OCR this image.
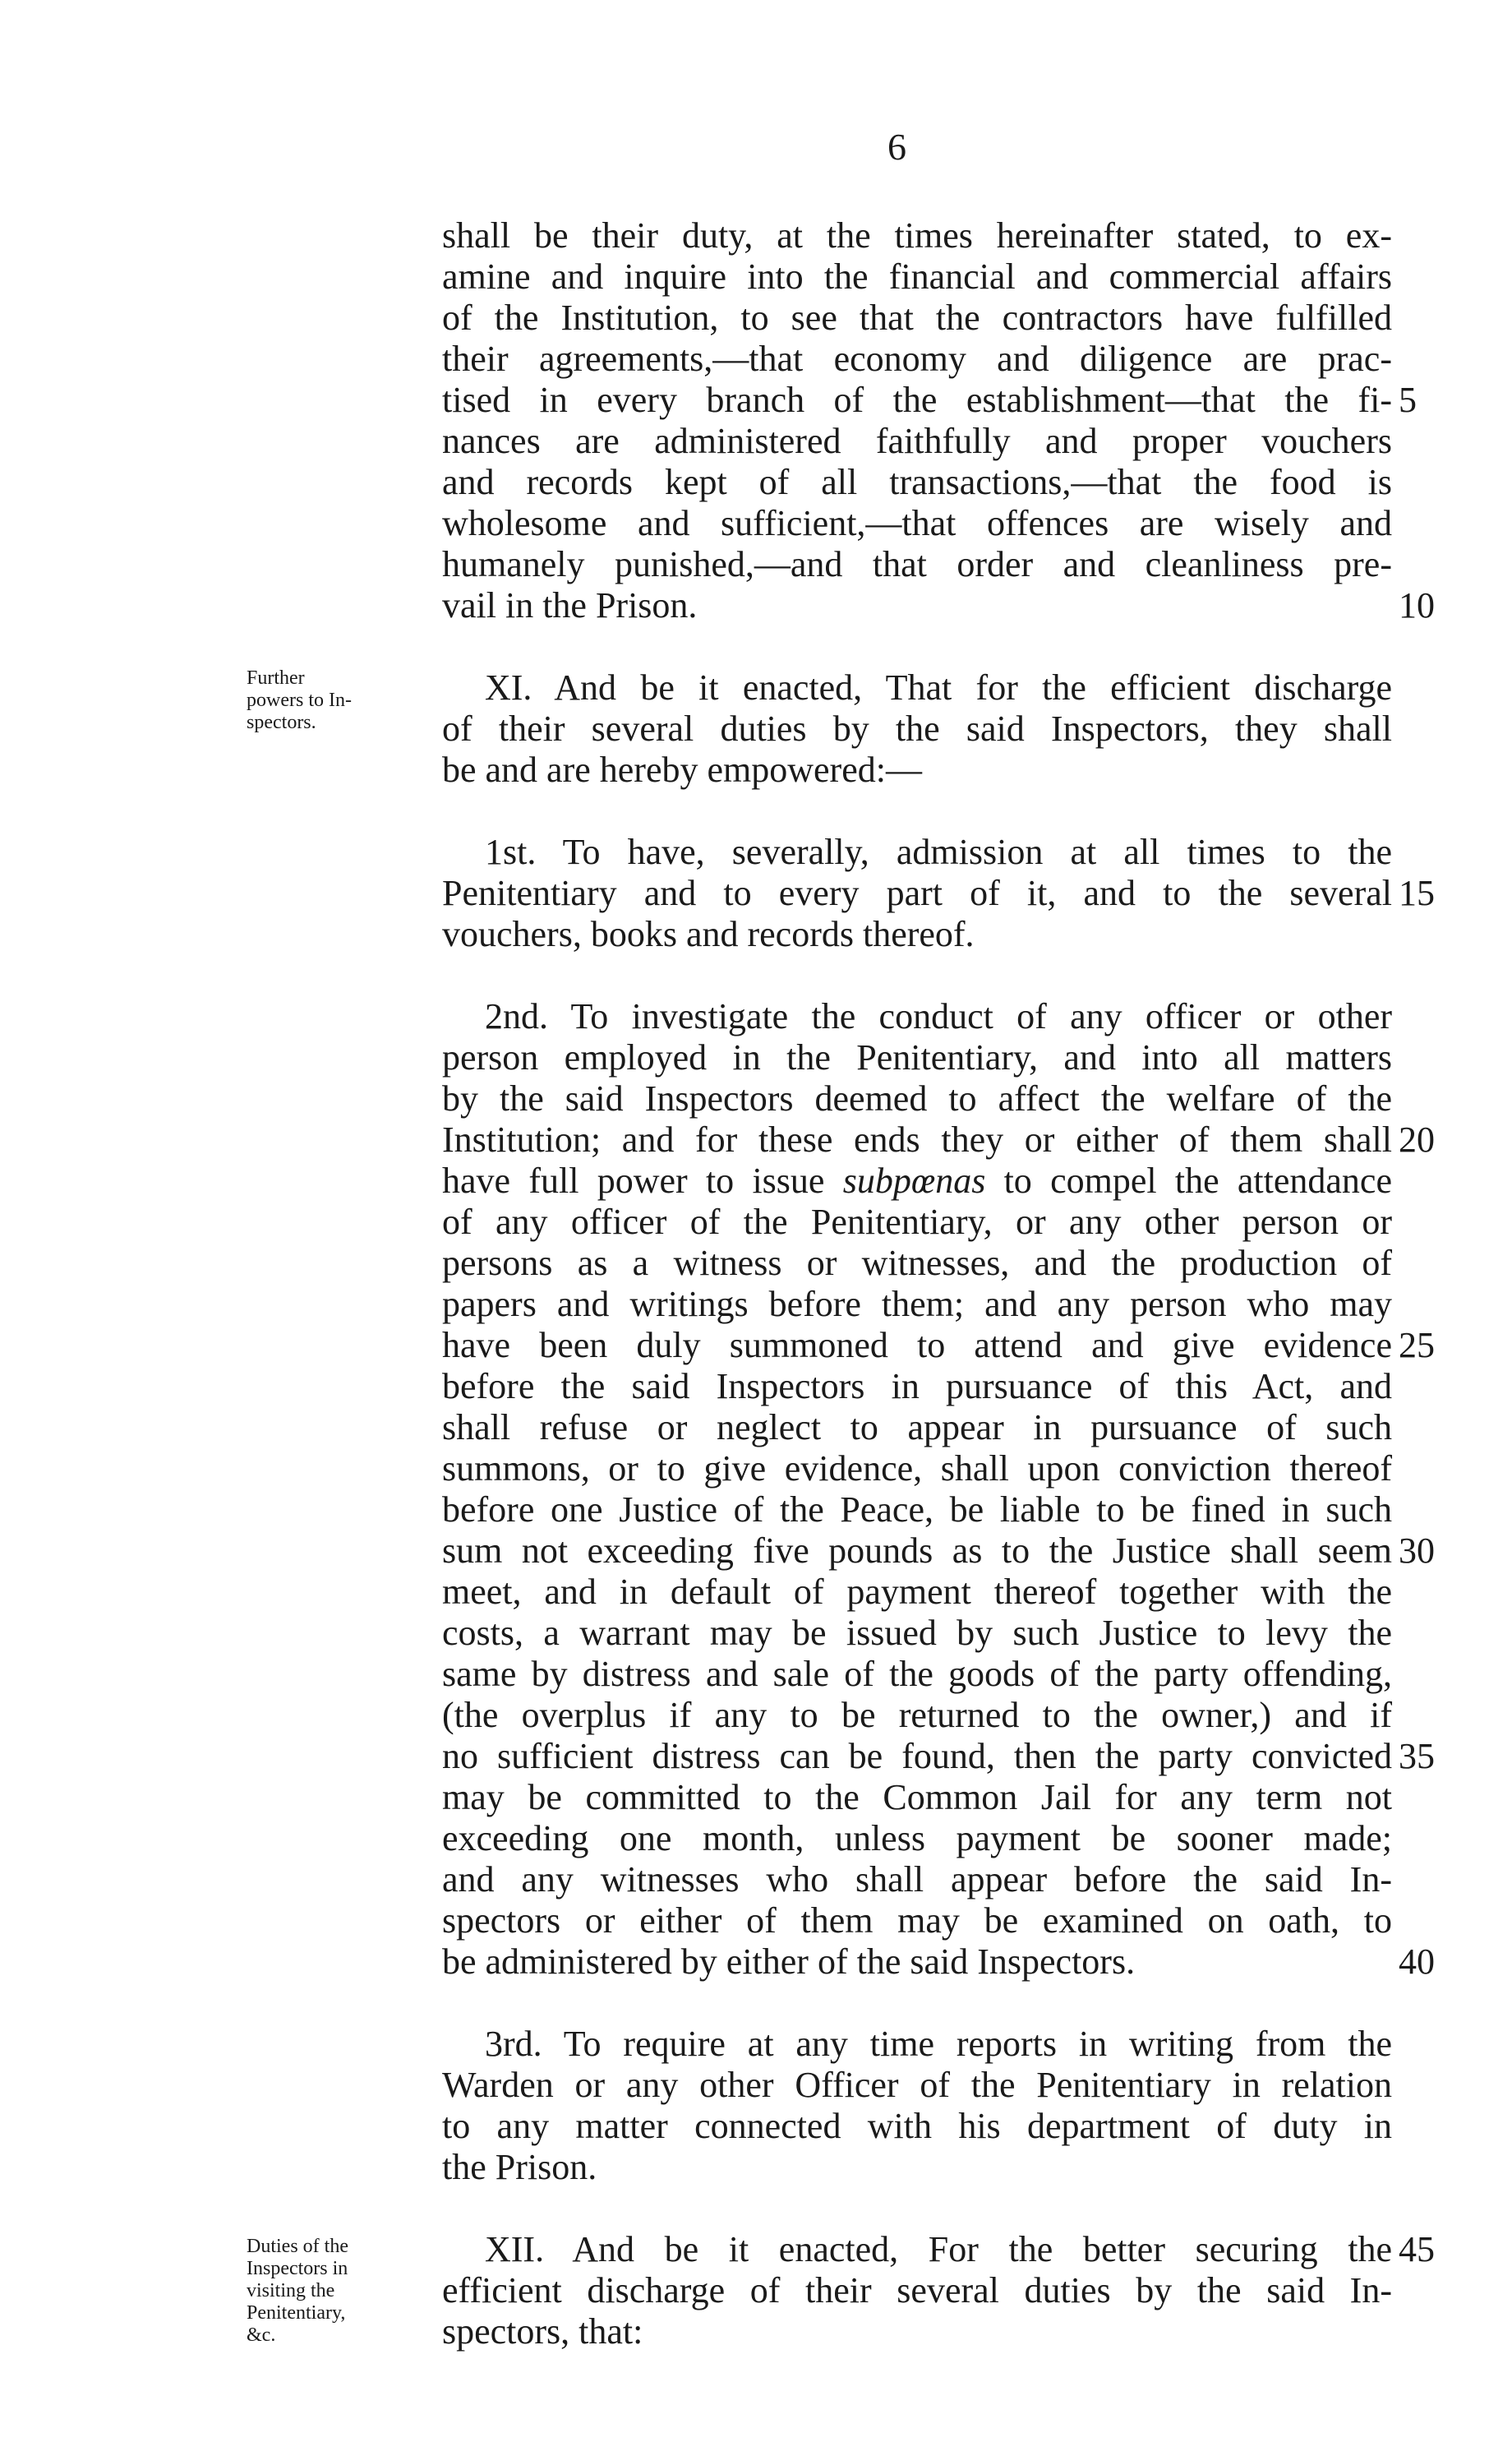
6
shall be their duty, at the times hereinafter stated, to ex-
amine and inquire into the financial and commercial affairs
of the Institution, to see that the contractors have fulfilled
their agreements,—that economy and diligence are prac-
tised in every branch of the establishment—that the fi-
nances are administered faithfully and proper vouchers
and records kept of all transactions,—that the food is
wholesome and sufficient,—that offences are wisely and
humanely punished,—and that order and cleanliness pre-
vail in the Prison.
XI. And be it enacted, That for the efficient discharge
of their several duties by the said Inspectors, they shall
be and are hereby empowered:—
1st. To have, severally, admission at all times to the
Penitentiary and to every part of it, and to the several
vouchers, books and records thereof.
2nd. To investigate the conduct of any officer or other
person employed in the Penitentiary, and into all matters
by the said Inspectors deemed to affect the welfare of the
Institution; and for these ends they or either of them shall
have full power to issue subpœnas to compel the attendance
of any officer of the Penitentiary, or any other person or
persons as a witness or witnesses, and the production of
papers and writings before them; and any person who may
have been duly summoned to attend and give evidence
before the said Inspectors in pursuance of this Act, and
shall refuse or neglect to appear in pursuance of such
summons, or to give evidence, shall upon conviction thereof
before one Justice of the Peace, be liable to be fined in such
sum not exceeding five pounds as to the Justice shall seem
meet, and in default of payment thereof together with the
costs, a warrant may be issued by such Justice to levy the
same by distress and sale of the goods of the party offending,
(the overplus if any to be returned to the owner,) and if
no sufficient distress can be found, then the party convicted
may be committed to the Common Jail for any term not
exceeding one month, unless payment be sooner made;
and any witnesses who shall appear before the said In-
spectors or either of them may be examined on oath, to
be administered by either of the said Inspectors.
3rd. To require at any time reports in writing from the
Warden or any other Officer of the Penitentiary in relation
to any matter connected with his department of duty in
the Prison.
XII. And be it enacted, For the better securing the
efficient discharge of their several duties by the said In-
spectors, that:
5
10
15
20
25
30
35
40
45
Further
powers to In-
spectors.
Duties of the
Inspectors in
visiting the
Penitentiary,
&c.
